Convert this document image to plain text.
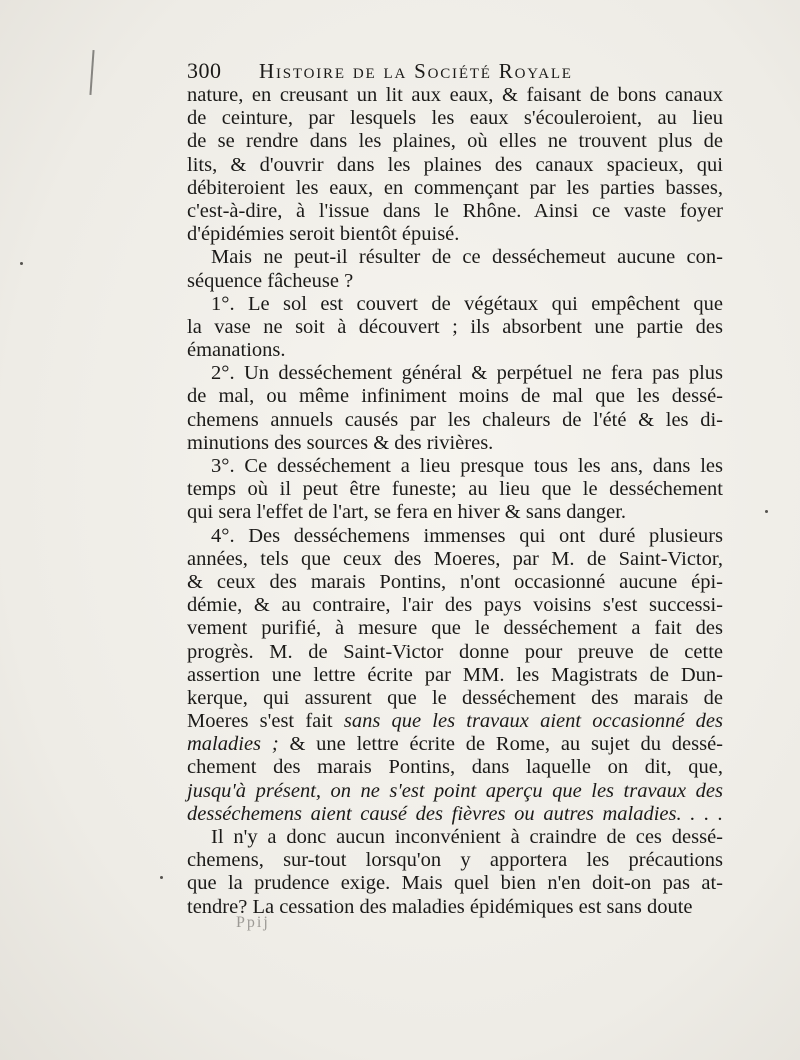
300 Histoire de la Société Royale
nature, en creusant un lit aux eaux, & faisant de bons canaux
de ceinture, par lesquels les eaux s'écouleroient, au lieu
de se rendre dans les plaines, où elles ne trouvent plus de
lits, & d'ouvrir dans les plaines des canaux spacieux, qui
débiteroient les eaux, en commençant par les parties basses,
c'est-à-dire, à l'issue dans le Rhône. Ainsi ce vaste foyer
d'épidémies seroit bientôt épuisé.
Mais ne peut-il résulter de ce desséchemeut aucune con-
séquence fâcheuse ?
1°. Le sol est couvert de végétaux qui empêchent que
la vase ne soit à découvert ; ils absorbent une partie des
émanations.
2°. Un desséchement général & perpétuel ne fera pas plus
de mal, ou même infiniment moins de mal que les dessé-
chemens annuels causés par les chaleurs de l'été & les di-
minutions des sources & des rivières.
3°. Ce desséchement a lieu presque tous les ans, dans les
temps où il peut être funeste; au lieu que le desséchement
qui sera l'effet de l'art, se fera en hiver & sans danger.
4°. Des desséchemens immenses qui ont duré plusieurs
années, tels que ceux des Moeres, par M. de Saint-Victor,
& ceux des marais Pontins, n'ont occasionné aucune épi-
démie, & au contraire, l'air des pays voisins s'est successi-
vement purifié, à mesure que le desséchement a fait des
progrès. M. de Saint-Victor donne pour preuve de cette
assertion une lettre écrite par MM. les Magistrats de Dun-
kerque, qui assurent que le desséchement des marais de
Moeres s'est fait sans que les travaux aient occasionné des
maladies ; & une lettre écrite de Rome, au sujet du dessé-
chement des marais Pontins, dans laquelle on dit, que,
jusqu'à présent, on ne s'est point aperçu que les travaux des
desséchemens aient causé des fièvres ou autres maladies. . . .
Il n'y a donc aucun inconvénient à craindre de ces dessé-
chemens, sur-tout lorsqu'on y apportera les précautions
que la prudence exige. Mais quel bien n'en doit-on pas at-
tendre? La cessation des maladies épidémiques est sans doute
Ppij
